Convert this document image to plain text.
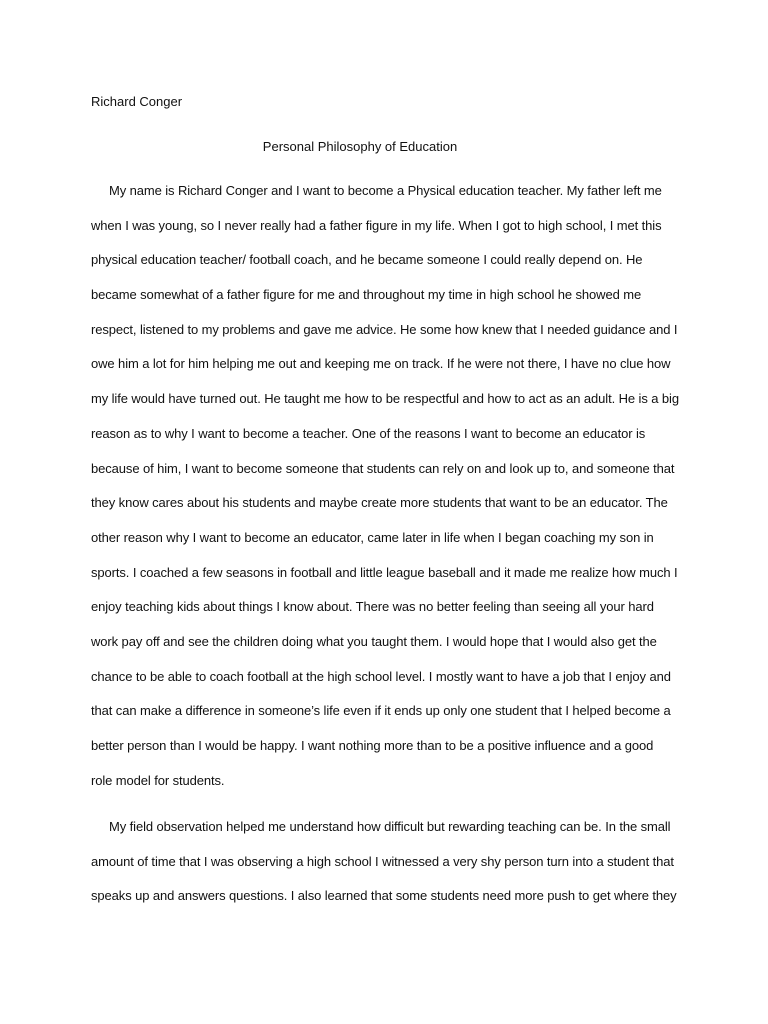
Richard Conger
Personal Philosophy of Education
My name is Richard Conger and I want to become a Physical education teacher. My father left me
when I was young, so I never really had a father figure in my life. When I got to high school, I met this
physical education teacher/ football coach, and he became someone I could really depend on. He
became somewhat of a father figure for me and throughout my time in high school he showed me
respect, listened to my problems and gave me advice. He some how knew that I needed guidance and I
owe him a lot for him helping me out and keeping me on track. If he were not there, I have no clue how
my life would have turned out. He taught me how to be respectful and how to act as an adult. He is a big
reason as to why I want to become a teacher. One of the reasons I want to become an educator is
because of him, I want to become someone that students can rely on and look up to, and someone that
they know cares about his students and maybe create more students that want to be an educator. The
other reason why I want to become an educator, came later in life when I began coaching my son in
sports. I coached a few seasons in football and little league baseball and it made me realize how much I
enjoy teaching kids about things I know about. There was no better feeling than seeing all your hard
work pay off and see the children doing what you taught them. I would hope that I would also get the
chance to be able to coach football at the high school level. I mostly want to have a job that I enjoy and
that can make a difference in someone’s life even if it ends up only one student that I helped become a
better person than I would be happy. I want nothing more than to be a positive influence and a good
role model for students.
My field observation helped me understand how difficult but rewarding teaching can be. In the small
amount of time that I was observing a high school I witnessed a very shy person turn into a student that
speaks up and answers questions. I also learned that some students need more push to get where they
